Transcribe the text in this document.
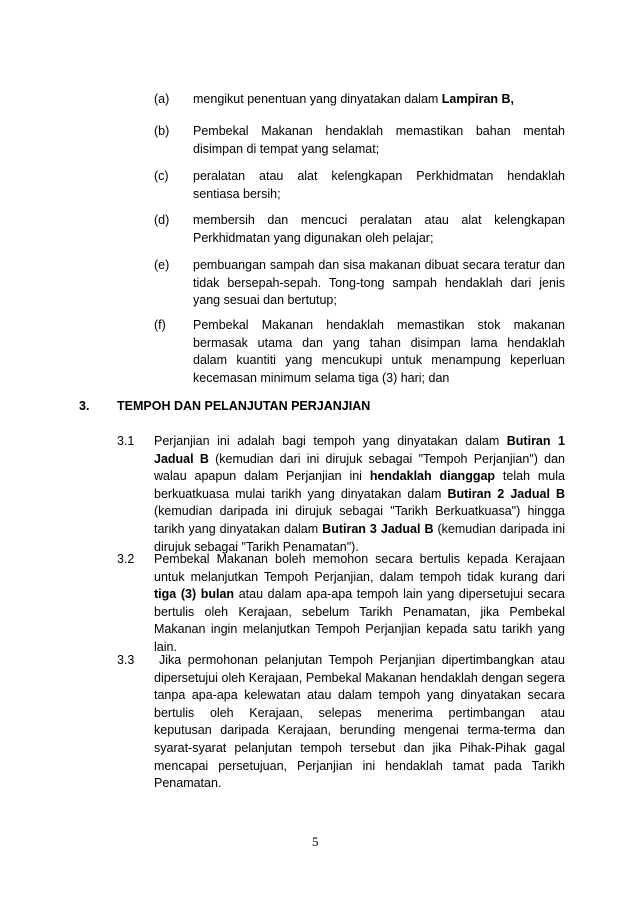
(a) mengikut penentuan yang dinyatakan dalam Lampiran B,
(b) Pembekal Makanan hendaklah memastikan bahan mentah
disimpan di tempat yang selamat;
(c) peralatan atau alat kelengkapan Perkhidmatan hendaklah
sentiasa bersih;
(d) membersih dan mencuci peralatan atau alat kelengkapan
Perkhidmatan yang digunakan oleh pelajar;
(e) pembuangan sampah dan sisa makanan dibuat secara teratur dan
tidak bersepah-sepah. Tong-tong sampah hendaklah dari jenis
yang sesuai dan bertutup;
(f) Pembekal Makanan hendaklah memastikan stok makanan
bermasak utama dan yang tahan disimpan lama hendaklah
dalam kuantiti yang mencukupi untuk menampung keperluan
kecemasan minimum selama tiga (3) hari; dan
3. TEMPOH DAN PELANJUTAN PERJANJIAN
3.1 Perjanjian ini adalah bagi tempoh yang dinyatakan dalam Butiran 1
Jadual B (kemudian dari ini dirujuk sebagai "Tempoh Perjanjian") dan
walau apapun dalam Perjanjian ini hendaklah dianggap telah mula
berkuatkuasa mulai tarikh yang dinyatakan dalam Butiran 2 Jadual B
(kemudian daripada ini dirujuk sebagai "Tarikh Berkuatkuasa") hingga
tarikh yang dinyatakan dalam Butiran 3 Jadual B (kemudian daripada ini
dirujuk sebagai "Tarikh Penamatan").
3.2 Pembekal Makanan boleh memohon secara bertulis kepada Kerajaan
untuk melanjutkan Tempoh Perjanjian, dalam tempoh tidak kurang dari
tiga (3) bulan atau dalam apa-apa tempoh lain yang dipersetujui secara
bertulis oleh Kerajaan, sebelum Tarikh Penamatan, jika Pembekal
Makanan ingin melanjutkan Tempoh Perjanjian kepada satu tarikh yang
lain.
3.3 Jika permohonan pelanjutan Tempoh Perjanjian dipertimbangkan atau
dipersetujui oleh Kerajaan, Pembekal Makanan hendaklah dengan segera
tanpa apa-apa kelewatan atau dalam tempoh yang dinyatakan secara
bertulis oleh Kerajaan, selepas menerima pertimbangan atau
keputusan daripada Kerajaan, berunding mengenai terma-terma dan
syarat-syarat pelanjutan tempoh tersebut dan jika Pihak-Pihak gagal
mencapai persetujuan, Perjanjian ini hendaklah tamat pada Tarikh
Penamatan.
5
